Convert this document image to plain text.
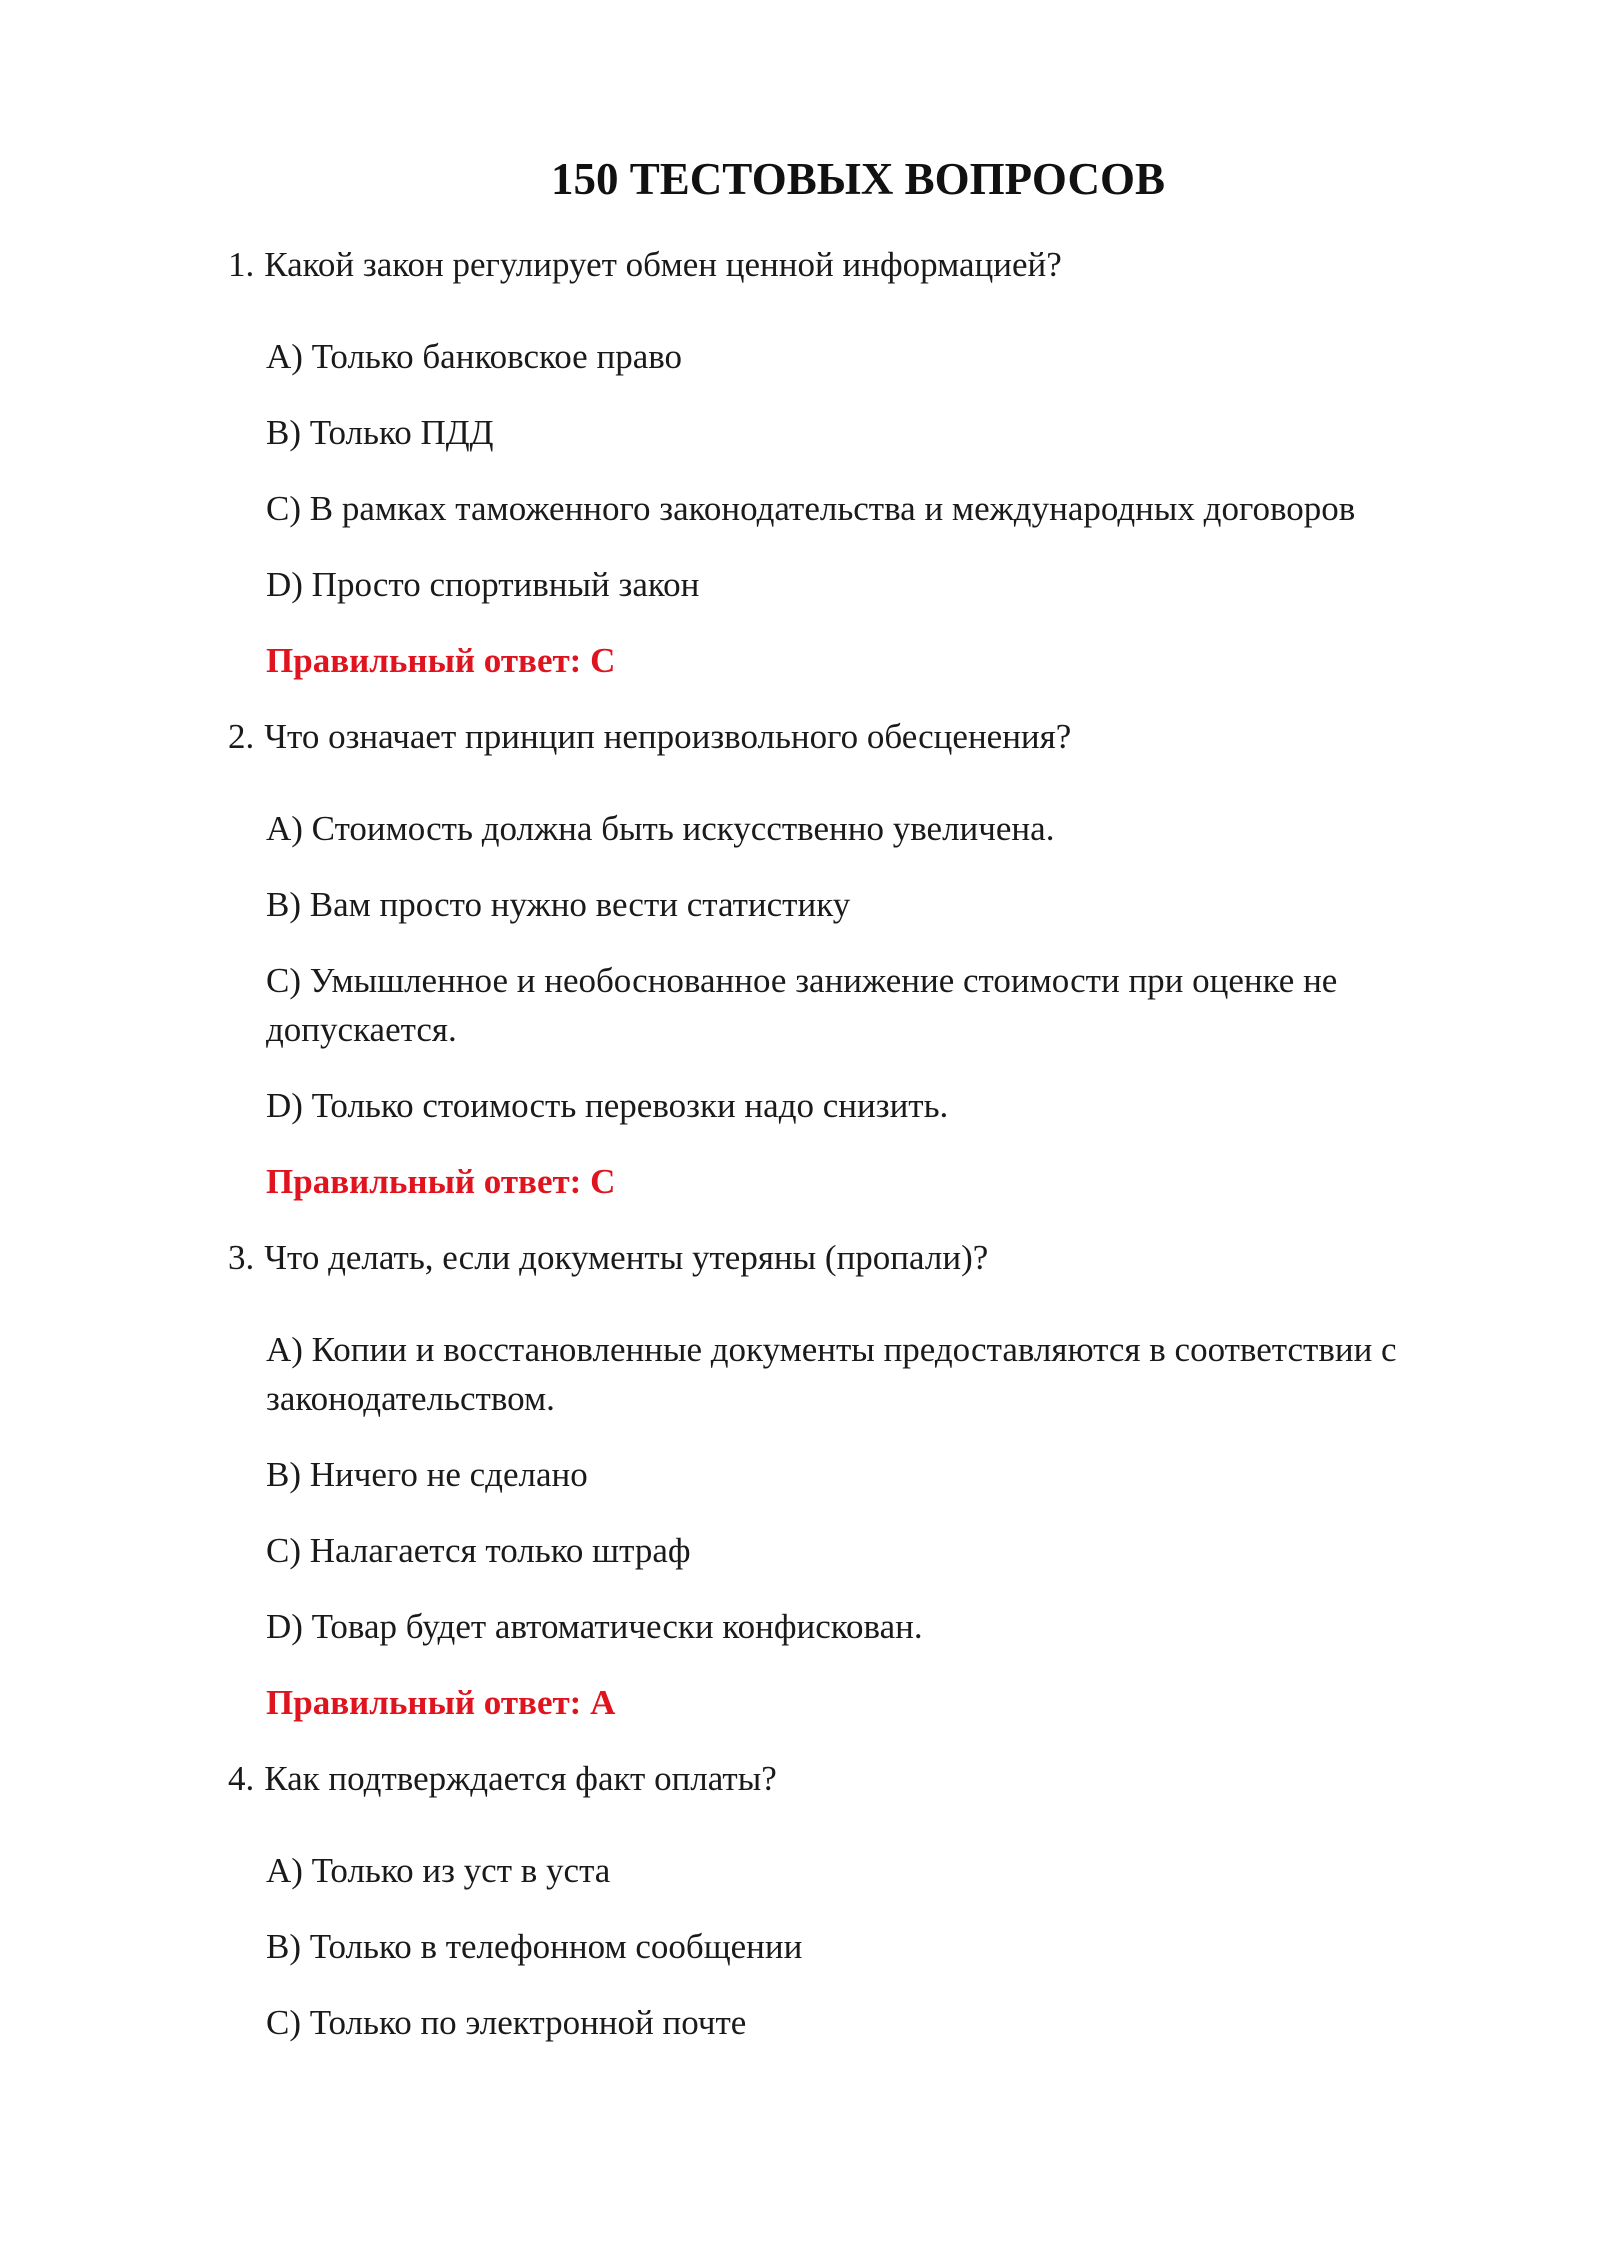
150 ТЕСТОВЫХ ВОПРОСОВ
1. Какой закон регулирует обмен ценной информацией?
A) Только банковское право
B) Только ПДД
C) В рамках таможенного законодательства и международных договоров
D) Просто спортивный закон
Правильный ответ: C
2. Что означает принцип непроизвольного обесценения?
A) Стоимость должна быть искусственно увеличена.
B) Вам просто нужно вести статистику
C) Умышленное и необоснованное занижение стоимости при оценке не допускается.
D) Только стоимость перевозки надо снизить.
Правильный ответ: C
3. Что делать, если документы утеряны (пропали)?
A) Копии и восстановленные документы предоставляются в соответствии с законодательством.
B) Ничего не сделано
C) Налагается только штраф
D) Товар будет автоматически конфискован.
Правильный ответ: A
4. Как подтверждается факт оплаты?
A) Только из уст в уста
B) Только в телефонном сообщении
C) Только по электронной почте
